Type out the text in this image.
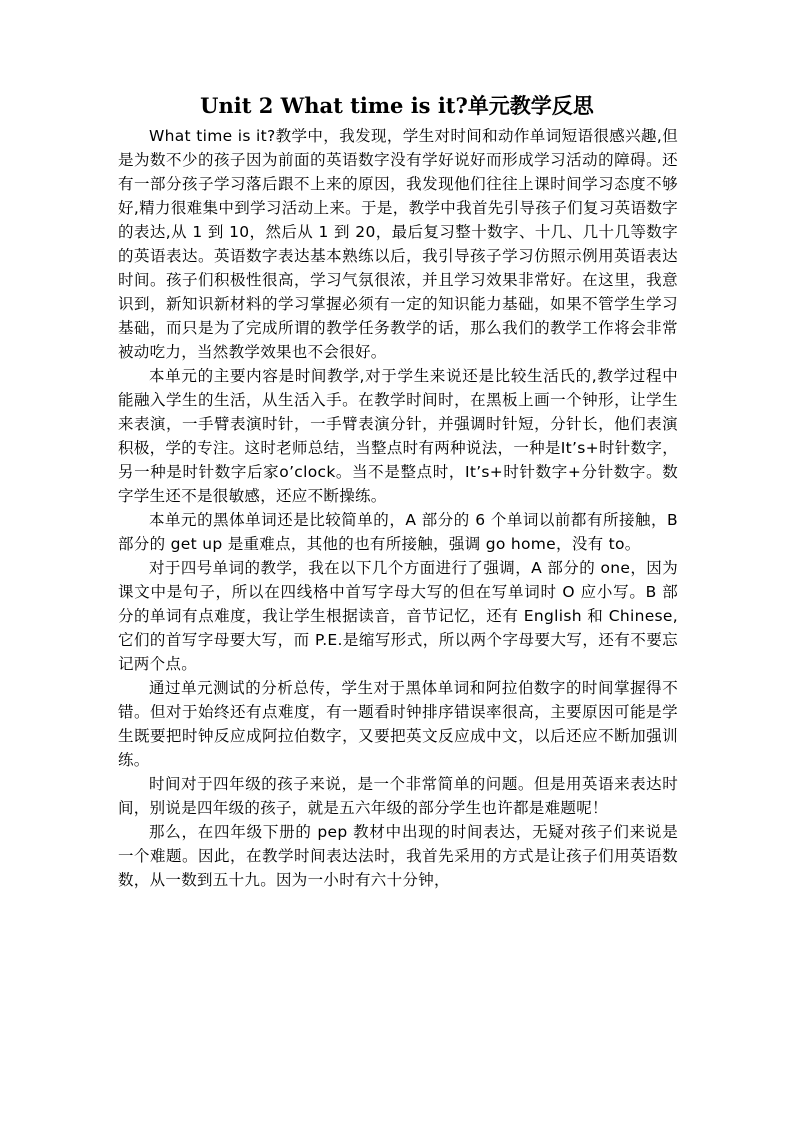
Unit 2 What time is it?单元教学反思

What time is it?教学中，我发现，学生对时间和动作单词短语很感兴趣,但是为数不少的孩子因为前面的英语数字没有学好说好而形成学习活动的障碍。还有一部分孩子学习落后跟不上来的原因，我发现他们往往上课时间学习态度不够好,精力很难集中到学习活动上来。于是，教学中我首先引导孩子们复习英语数字的表达,从 1 到 10，然后从 1 到 20，最后复习整十数字、十几、几十几等数字的英语表达。英语数字表达基本熟练以后，我引导孩子学习仿照示例用英语表达时间。孩子们积极性很高，学习气氛很浓，并且学习效果非常好。在这里，我意识到，新知识新材料的学习掌握必须有一定的知识能力基础，如果不管学生学习基础，而只是为了完成所谓的教学任务教学的话，那么我们的教学工作将会非常被动吃力，当然教学效果也不会很好。

本单元的主要内容是时间教学,对于学生来说还是比较生活氏的,教学过程中能融入学生的生活，从生活入手。在教学时间时，在黑板上画一个钟形，让学生来表演，一手臂表演时针，一手臂表演分针，并强调时针短，分针长，他们表演积极，学的专注。这时老师总结，当整点时有两种说法，一种是It’s+时针数字，另一种是时针数字后家o’clock。当不是整点时，It’s+时针数字+分针数字。数字学生还不是很敏感，还应不断操练。

本单元的黑体单词还是比较简单的，A 部分的 6 个单词以前都有所接触，B 部分的 get up 是重难点，其他的也有所接触，强调 go home，没有 to。

对于四号单词的教学，我在以下几个方面进行了强调，A 部分的 one，因为课文中是句子，所以在四线格中首写字母大写的但在写单词时 O 应小写。B 部分的单词有点难度，我让学生根据读音，音节记忆，还有 English 和 Chinese,它们的首写字母要大写，而 P.E.是缩写形式，所以两个字母要大写，还有不要忘记两个点。

通过单元测试的分析总传，学生对于黑体单词和阿拉伯数字的时间掌握得不错。但对于始终还有点难度，有一题看时钟排序错误率很高，主要原因可能是学生既要把时钟反应成阿拉伯数字，又要把英文反应成中文，以后还应不断加强训练。

时间对于四年级的孩子来说，是一个非常简单的问题。但是用英语来表达时间，别说是四年级的孩子，就是五六年级的部分学生也许都是难题呢！

那么，在四年级下册的 pep 教材中出现的时间表达，无疑对孩子们来说是一个难题。因此，在教学时间表达法时，我首先采用的方式是让孩子们用英语数数，从一数到五十九。因为一小时有六十分钟，
